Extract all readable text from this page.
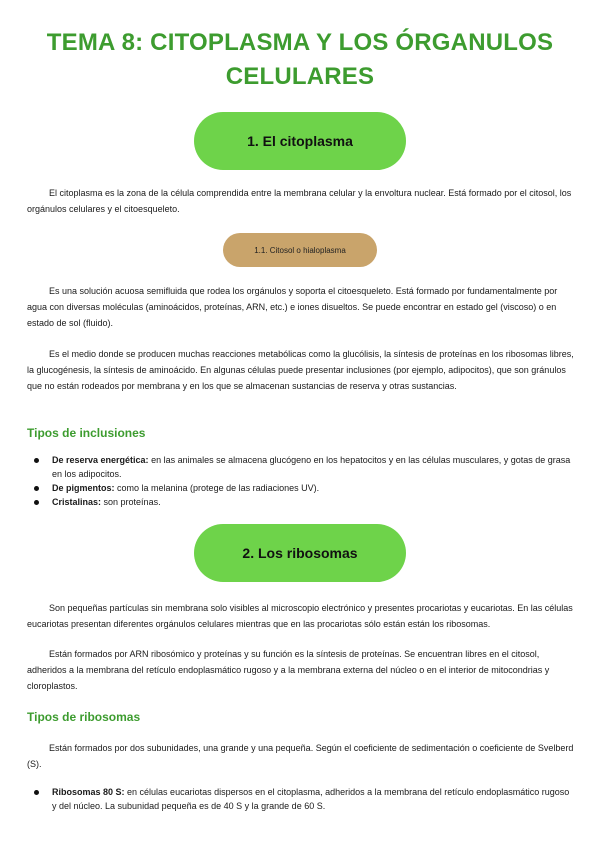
TEMA 8: CITOPLASMA Y LOS ÓRGANULOS
CELULARES
1. El citoplasma

El citoplasma es la zona de la célula comprendida entre la membrana celular y la envoltura nuclear. Está formado por el citosol, los orgánulos celulares y el citoesqueleto.

1.1. Citosol o hialoplasma

Es una solución acuosa semifluida que rodea los orgánulos y soporta el citoesqueleto. Está formado por fundamentalmente por agua con diversas moléculas (aminoácidos, proteínas, ARN, etc.) e iones disueltos. Se puede encontrar en estado gel (viscoso) o en estado de sol (fluido).

Es el medio donde se producen muchas reacciones metabólicas como la glucólisis, la síntesis de proteínas en los ribosomas libres, la glucogénesis, la síntesis de aminoácido. En algunas células puede presentar inclusiones (por ejemplo, adipocitos), que son gránulos que no están rodeados por membrana y en los que se almacenan sustancias de reserva y otras sustancias.

Tipos de inclusiones
De reserva energética: en las animales se almacena glucógeno en los hepatocitos y en las células musculares, y gotas de grasa en los adipocitos.
De pigmentos: como la melanina (protege de las radiaciones UV).
Cristalinas: son proteínas.
2. Los ribosomas

Son pequeñas partículas sin membrana solo visibles al microscopio electrónico y presentes procariotas y eucariotas. En las células eucariotas presentan diferentes orgánulos celulares mientras que en las procariotas sólo están están los ribosomas.

Están formados por ARN ribosómico y proteínas y su función es la síntesis de proteínas. Se encuentran libres en el citosol, adheridos a la membrana del retículo endoplasmático rugoso y a la membrana externa del núcleo o en el interior de mitocondrias y cloroplastos.

Tipos de ribosomas

Están formados por dos subunidades, una grande y una pequeña. Según el coeficiente de sedimentación o coeficiente de Svelberd (S).

Ribosomas 80 S: en células eucariotas dispersos en el citoplasma, adheridos a la membrana del retículo endoplasmático rugoso y del núcleo. La subunidad pequeña es de 40 S y la grande de 60 S.
